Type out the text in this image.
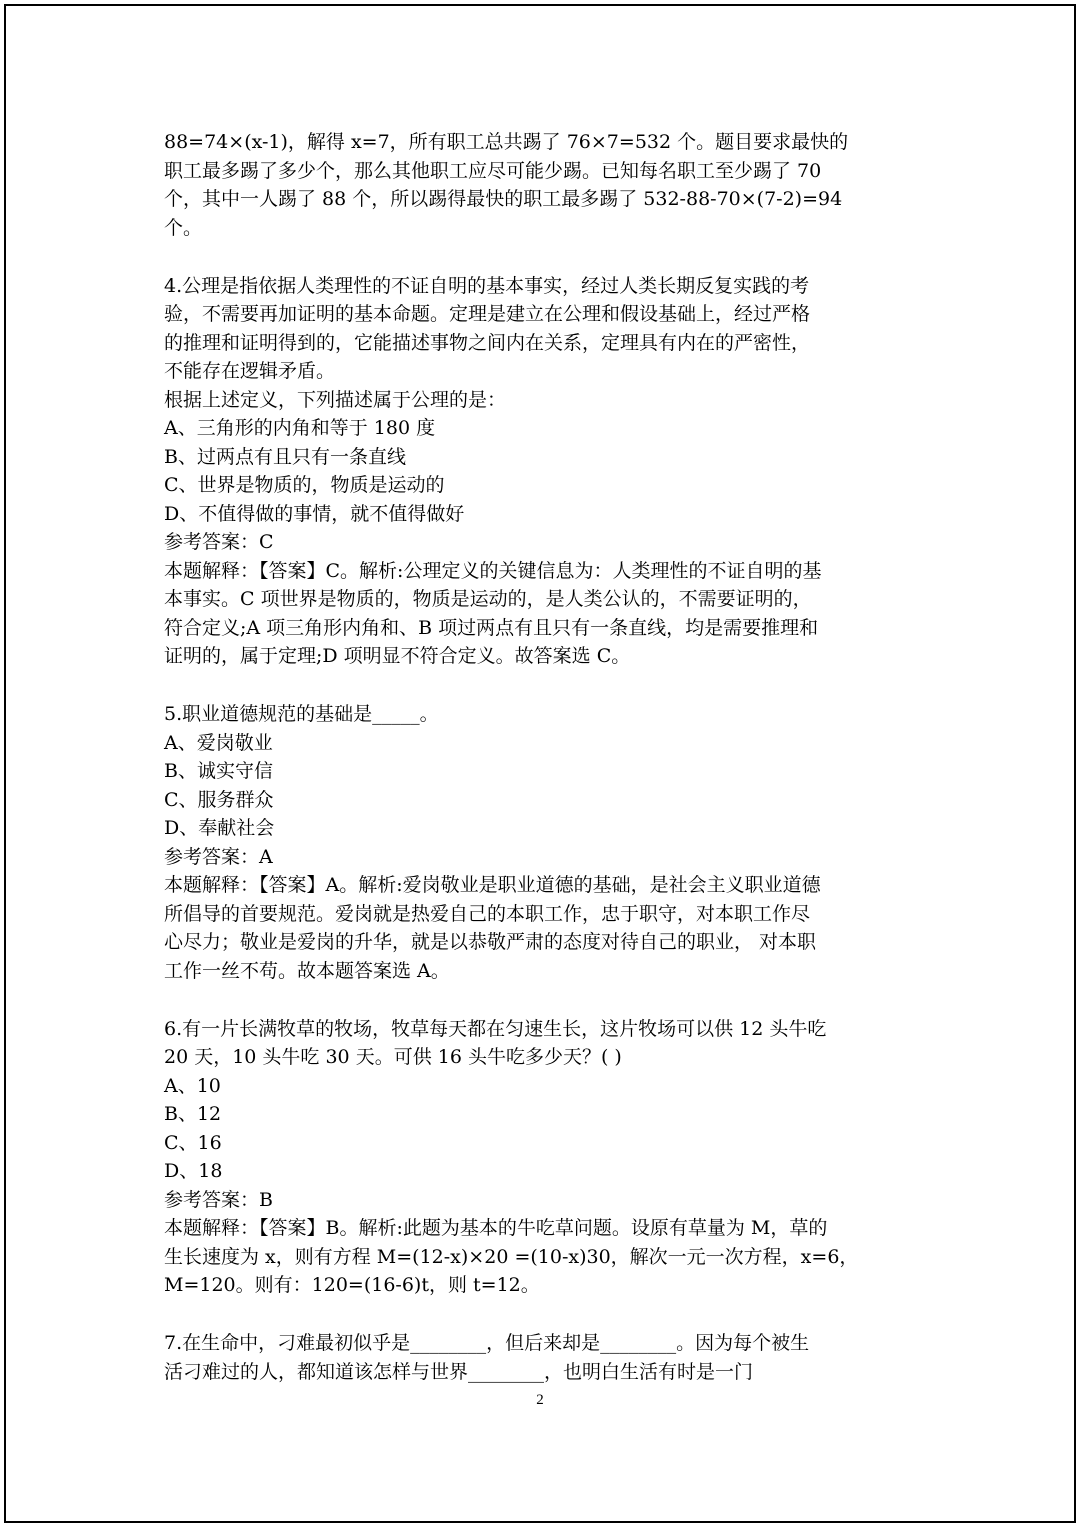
88=74×(x-1)，解得 x=7，所有职工总共踢了 76×7=532 个。题目要求最快的
职工最多踢了多少个，那么其他职工应尽可能少踢。已知每名职工至少踢了 70
个，其中一人踢了 88 个，所以踢得最快的职工最多踢了 532-88-70×(7-2)=94
个。
4.公理是指依据人类理性的不证自明的基本事实，经过人类长期反复实践的考
验，不需要再加证明的基本命题。定理是建立在公理和假设基础上，经过严格
的推理和证明得到的，它能描述事物之间内在关系，定理具有内在的严密性，
不能存在逻辑矛盾。
根据上述定义，下列描述属于公理的是：
A、三角形的内角和等于 180 度
B、过两点有且只有一条直线
C、世界是物质的，物质是运动的
D、不值得做的事情，就不值得做好
参考答案：C
本题解释：【答案】C。解析:公理定义的关键信息为：人类理性的不证自明的基
本事实。C 项世界是物质的，物质是运动的，是人类公认的，不需要证明的，
符合定义;A 项三角形内角和、B 项过两点有且只有一条直线，均是需要推理和
证明的，属于定理;D 项明显不符合定义。故答案选 C。
5.职业道德规范的基础是_____。
A、爱岗敬业
B、诚实守信
C、服务群众
D、奉献社会
参考答案：A
本题解释：【答案】A。解析:爱岗敬业是职业道德的基础，是社会主义职业道德
所倡导的首要规范。爱岗就是热爱自己的本职工作，忠于职守，对本职工作尽
心尽力；敬业是爱岗的升华，就是以恭敬严肃的态度对待自己的职业， 对本职
工作一丝不苟。故本题答案选 A。
6.有一片长满牧草的牧场，牧草每天都在匀速生长，这片牧场可以供 12 头牛吃
20 天，10 头牛吃 30 天。可供 16 头牛吃多少天？( )
A、10
B、12
C、16
D、18
参考答案：B
本题解释：【答案】B。解析:此题为基本的牛吃草问题。设原有草量为 M，草的
生长速度为 x，则有方程 M=(12-x)×20 =(10-x)30，解次一元一次方程，x=6，
M=120。则有：120=(16-6)t，则 t=12。
7.在生命中，刁难最初似乎是________，但后来却是________。因为每个被生
活刁难过的人，都知道该怎样与世界________，也明白生活有时是一门
2
